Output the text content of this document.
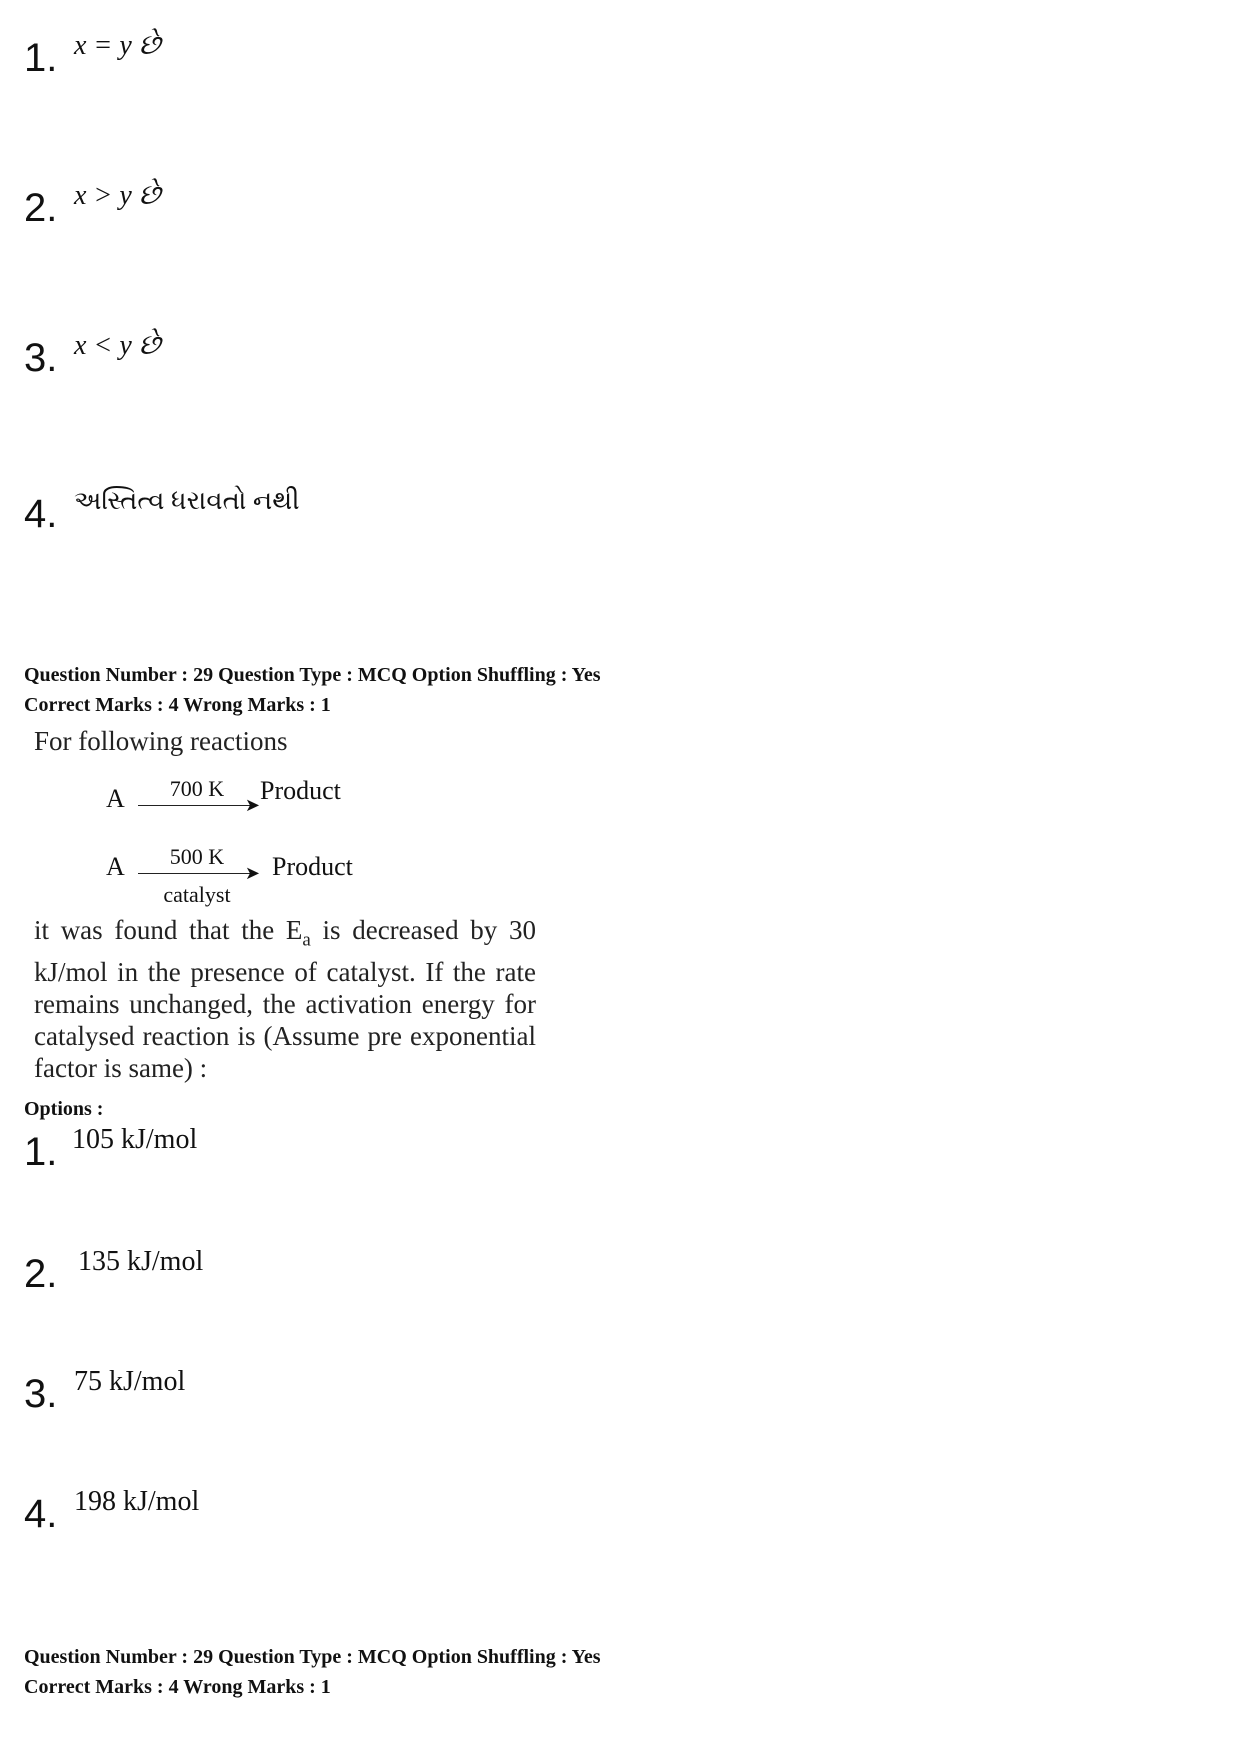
1. x = y છે
2. x > y છે
3. x < y છે
4. અસ્તિત્વ ધરાવતો નથી
Question Number : 29 Question Type : MCQ Option Shuffling : Yes
Correct Marks : 4 Wrong Marks : 1
For following reactions
A	700 K
➤ Product
A	500 K
➤
catalyst
Product
it was found that the $E_a$ is decreased by 30 kJ/mol in the presence of catalyst. If the rate remains unchanged, the activation energy for catalysed reaction is (Assume pre exponential factor is same) :
Options :
1. 105 kJ/mol
2. 135 kJ/mol
3. 75 kJ/mol
4. 198 kJ/mol
Question Number : 29 Question Type : MCQ Option Shuffling : Yes
Correct Marks : 4 Wrong Marks : 1
